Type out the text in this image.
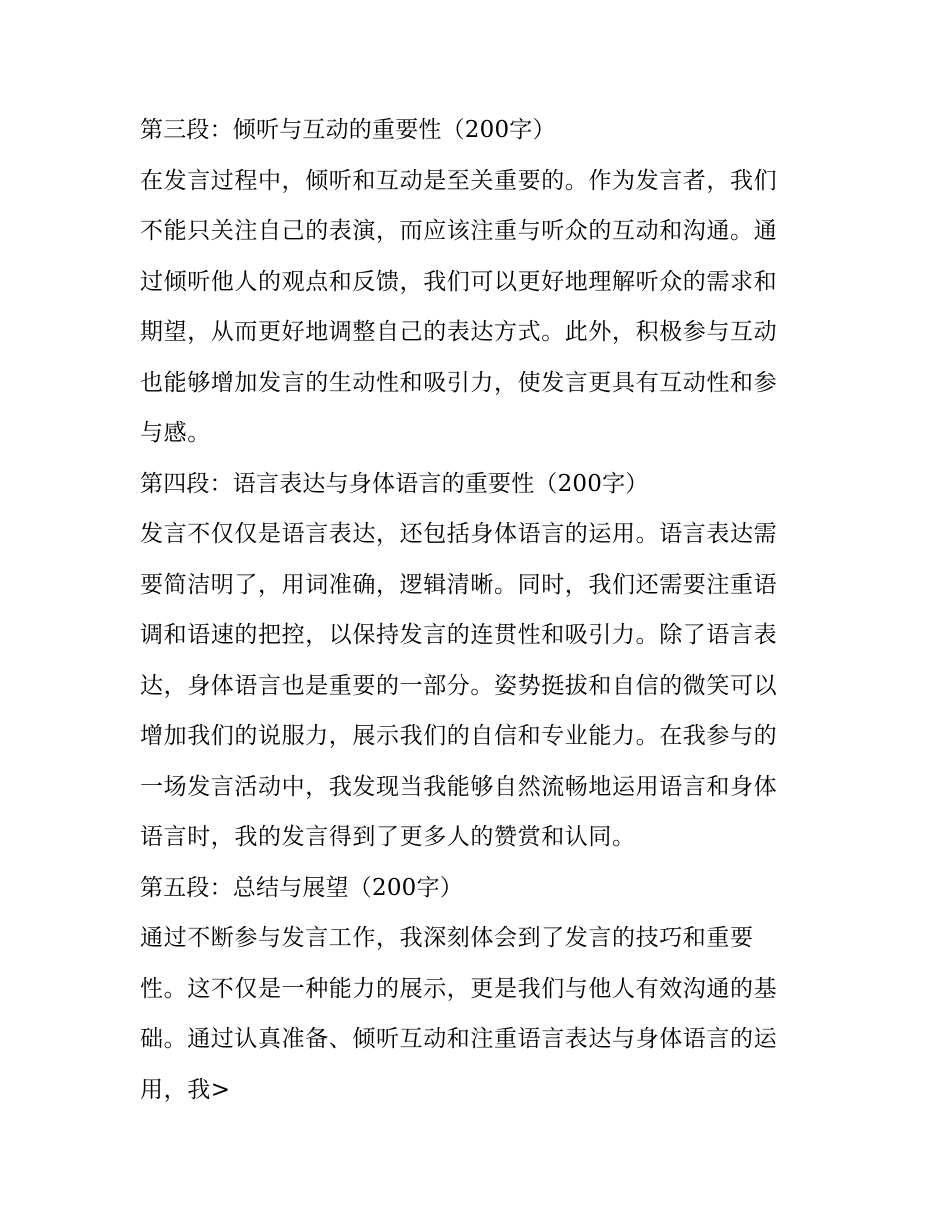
第三段：倾听与互动的重要性（200字）
在发言过程中，倾听和互动是至关重要的。作为发言者，我们
不能只关注自己的表演，而应该注重与听众的互动和沟通。通
过倾听他人的观点和反馈，我们可以更好地理解听众的需求和
期望，从而更好地调整自己的表达方式。此外，积极参与互动
也能够增加发言的生动性和吸引力，使发言更具有互动性和参
与感。
第四段：语言表达与身体语言的重要性（200字）
发言不仅仅是语言表达，还包括身体语言的运用。语言表达需
要简洁明了，用词准确，逻辑清晰。同时，我们还需要注重语
调和语速的把控，以保持发言的连贯性和吸引力。除了语言表
达，身体语言也是重要的一部分。姿势挺拔和自信的微笑可以
增加我们的说服力，展示我们的自信和专业能力。在我参与的
一场发言活动中，我发现当我能够自然流畅地运用语言和身体
语言时，我的发言得到了更多人的赞赏和认同。
第五段：总结与展望（200字）
通过不断参与发言工作，我深刻体会到了发言的技巧和重要
性。这不仅是一种能力的展示，更是我们与他人有效沟通的基
础。通过认真准备、倾听互动和注重语言表达与身体语言的运
用，我>
